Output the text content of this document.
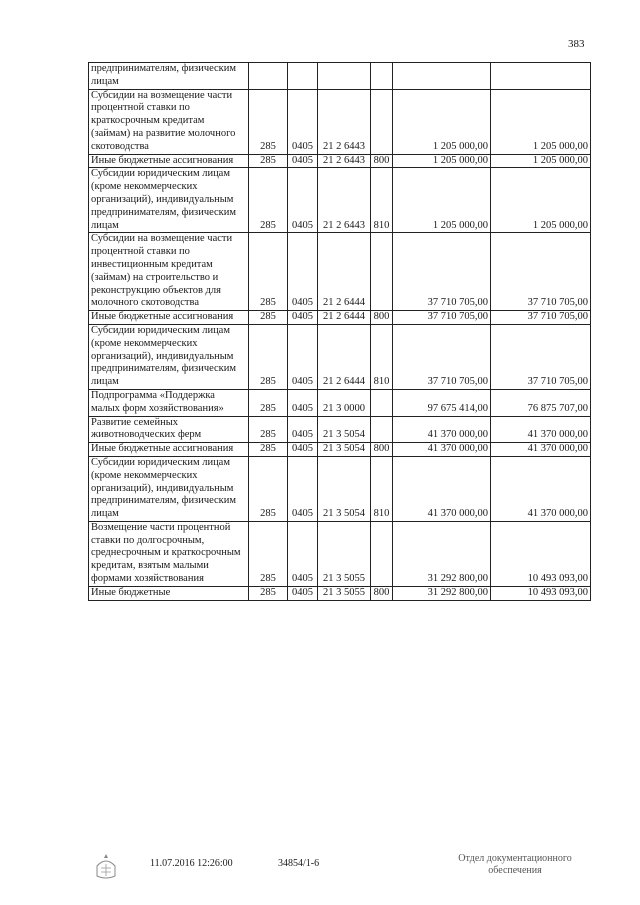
383
предпринимателям, физическим лицам						
Субсидии на возмещение части процентной ставки по краткосрочным кредитам (займам) на развитие молочного скотоводства	285	0405	21 2 6443		1 205 000,00	1 205 000,00
Иные бюджетные ассигнования	285	0405	21 2 6443	800	1 205 000,00	1 205 000,00
Субсидии юридическим лицам (кроме некоммерческих организаций), индивидуальным предпринимателям, физическим лицам	285	0405	21 2 6443	810	1 205 000,00	1 205 000,00
Субсидии на возмещение части процентной ставки по инвестиционным кредитам (займам) на строительство и реконструкцию объектов для молочного скотоводства	285	0405	21 2 6444		37 710 705,00	37 710 705,00
Иные бюджетные ассигнования	285	0405	21 2 6444	800	37 710 705,00	37 710 705,00
Субсидии юридическим лицам (кроме некоммерческих организаций), индивидуальным предпринимателям, физическим лицам	285	0405	21 2 6444	810	37 710 705,00	37 710 705,00
Подпрограмма «Поддержка малых форм хозяйствования»	285	0405	21 3 0000		97 675 414,00	76 875 707,00
Развитие семейных животноводческих ферм	285	0405	21 3 5054		41 370 000,00	41 370 000,00
Иные бюджетные ассигнования	285	0405	21 3 5054	800	41 370 000,00	41 370 000,00
Субсидии юридическим лицам (кроме некоммерческих организаций), индивидуальным предпринимателям, физическим лицам	285	0405	21 3 5054	810	41 370 000,00	41 370 000,00
Возмещение части процентной ставки по долгосрочным, среднесрочным и краткосрочным кредитам, взятым малыми формами хозяйствования	285	0405	21 3 5055		31 292 800,00	10 493 093,00
Иные бюджетные	285	0405	21 3 5055	800	31 292 800,00	10 493 093,00
11.07.2016 12:26:00	34854/1-6	Отдел документационного
обеспечения
